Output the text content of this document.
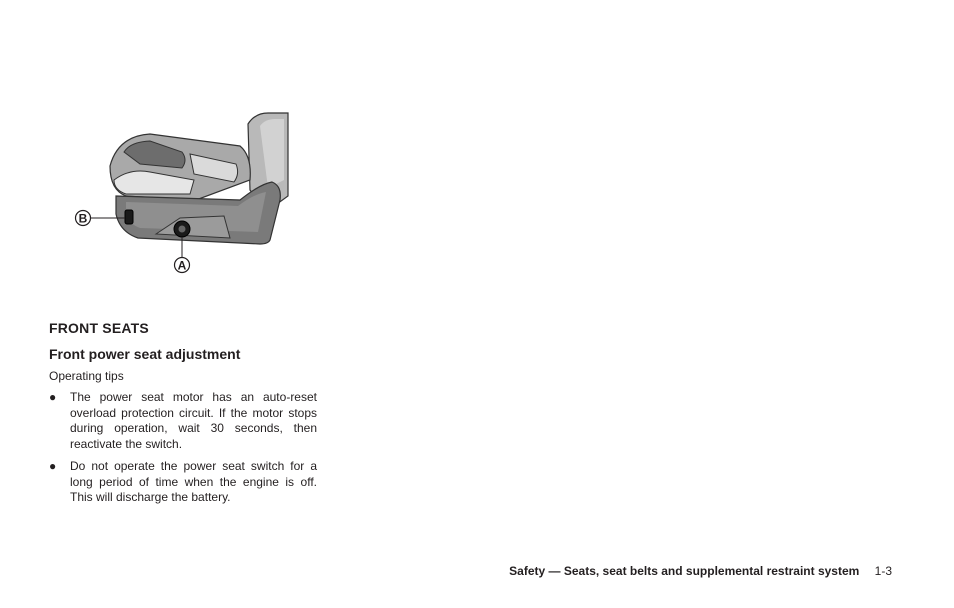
B
A
FRONT SEATS
Front power seat adjustment

Operating tips

● The power seat motor has an auto-reset overload protection circuit. If the motor stops during operation, wait 30 seconds, then reactivate the switch.
● Do not operate the power seat switch for a long period of time when the engine is off. This will discharge the battery.
Safety — Seats, seat belts and supplemental restraint system 1-3
